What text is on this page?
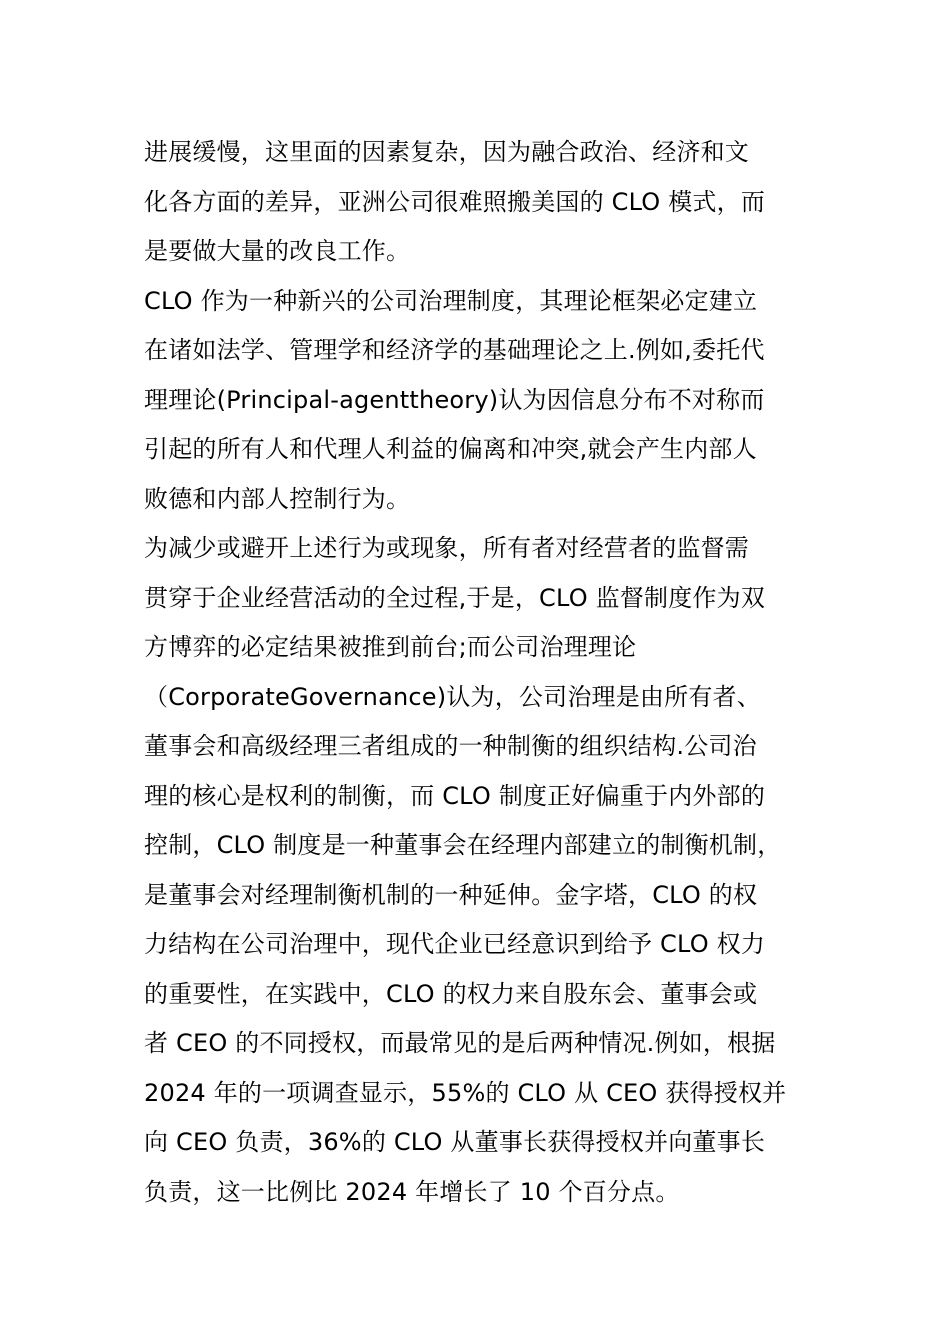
进展缓慢，这里面的因素复杂，因为融合政治、经济和文
化各方面的差异，亚洲公司很难照搬美国的 CLO 模式，而
是要做大量的改良工作。
CLO 作为一种新兴的公司治理制度，其理论框架必定建立
在诸如法学、管理学和经济学的基础理论之上.例如,委托代
理理论(Principal-agenttheory)认为因信息分布不对称而
引起的所有人和代理人利益的偏离和冲突,就会产生内部人
败德和内部人控制行为。
为减少或避开上述行为或现象，所有者对经营者的监督需
贯穿于企业经营活动的全过程,于是，CLO 监督制度作为双
方博弈的必定结果被推到前台;而公司治理理论
（CorporateGovernance)认为，公司治理是由所有者、
董事会和高级经理三者组成的一种制衡的组织结构.公司治
理的核心是权利的制衡，而 CLO 制度正好偏重于内外部的
控制，CLO 制度是一种董事会在经理内部建立的制衡机制，
是董事会对经理制衡机制的一种延伸。金字塔，CLO 的权
力结构在公司治理中，现代企业已经意识到给予 CLO 权力
的重要性，在实践中，CLO 的权力来自股东会、董事会或
者 CEO 的不同授权，而最常见的是后两种情况.例如，根据
2024 年的一项调查显示，55%的 CLO 从 CEO 获得授权并
向 CEO 负责，36%的 CLO 从董事长获得授权并向董事长
负责，这一比例比 2024 年增长了 10 个百分点。
